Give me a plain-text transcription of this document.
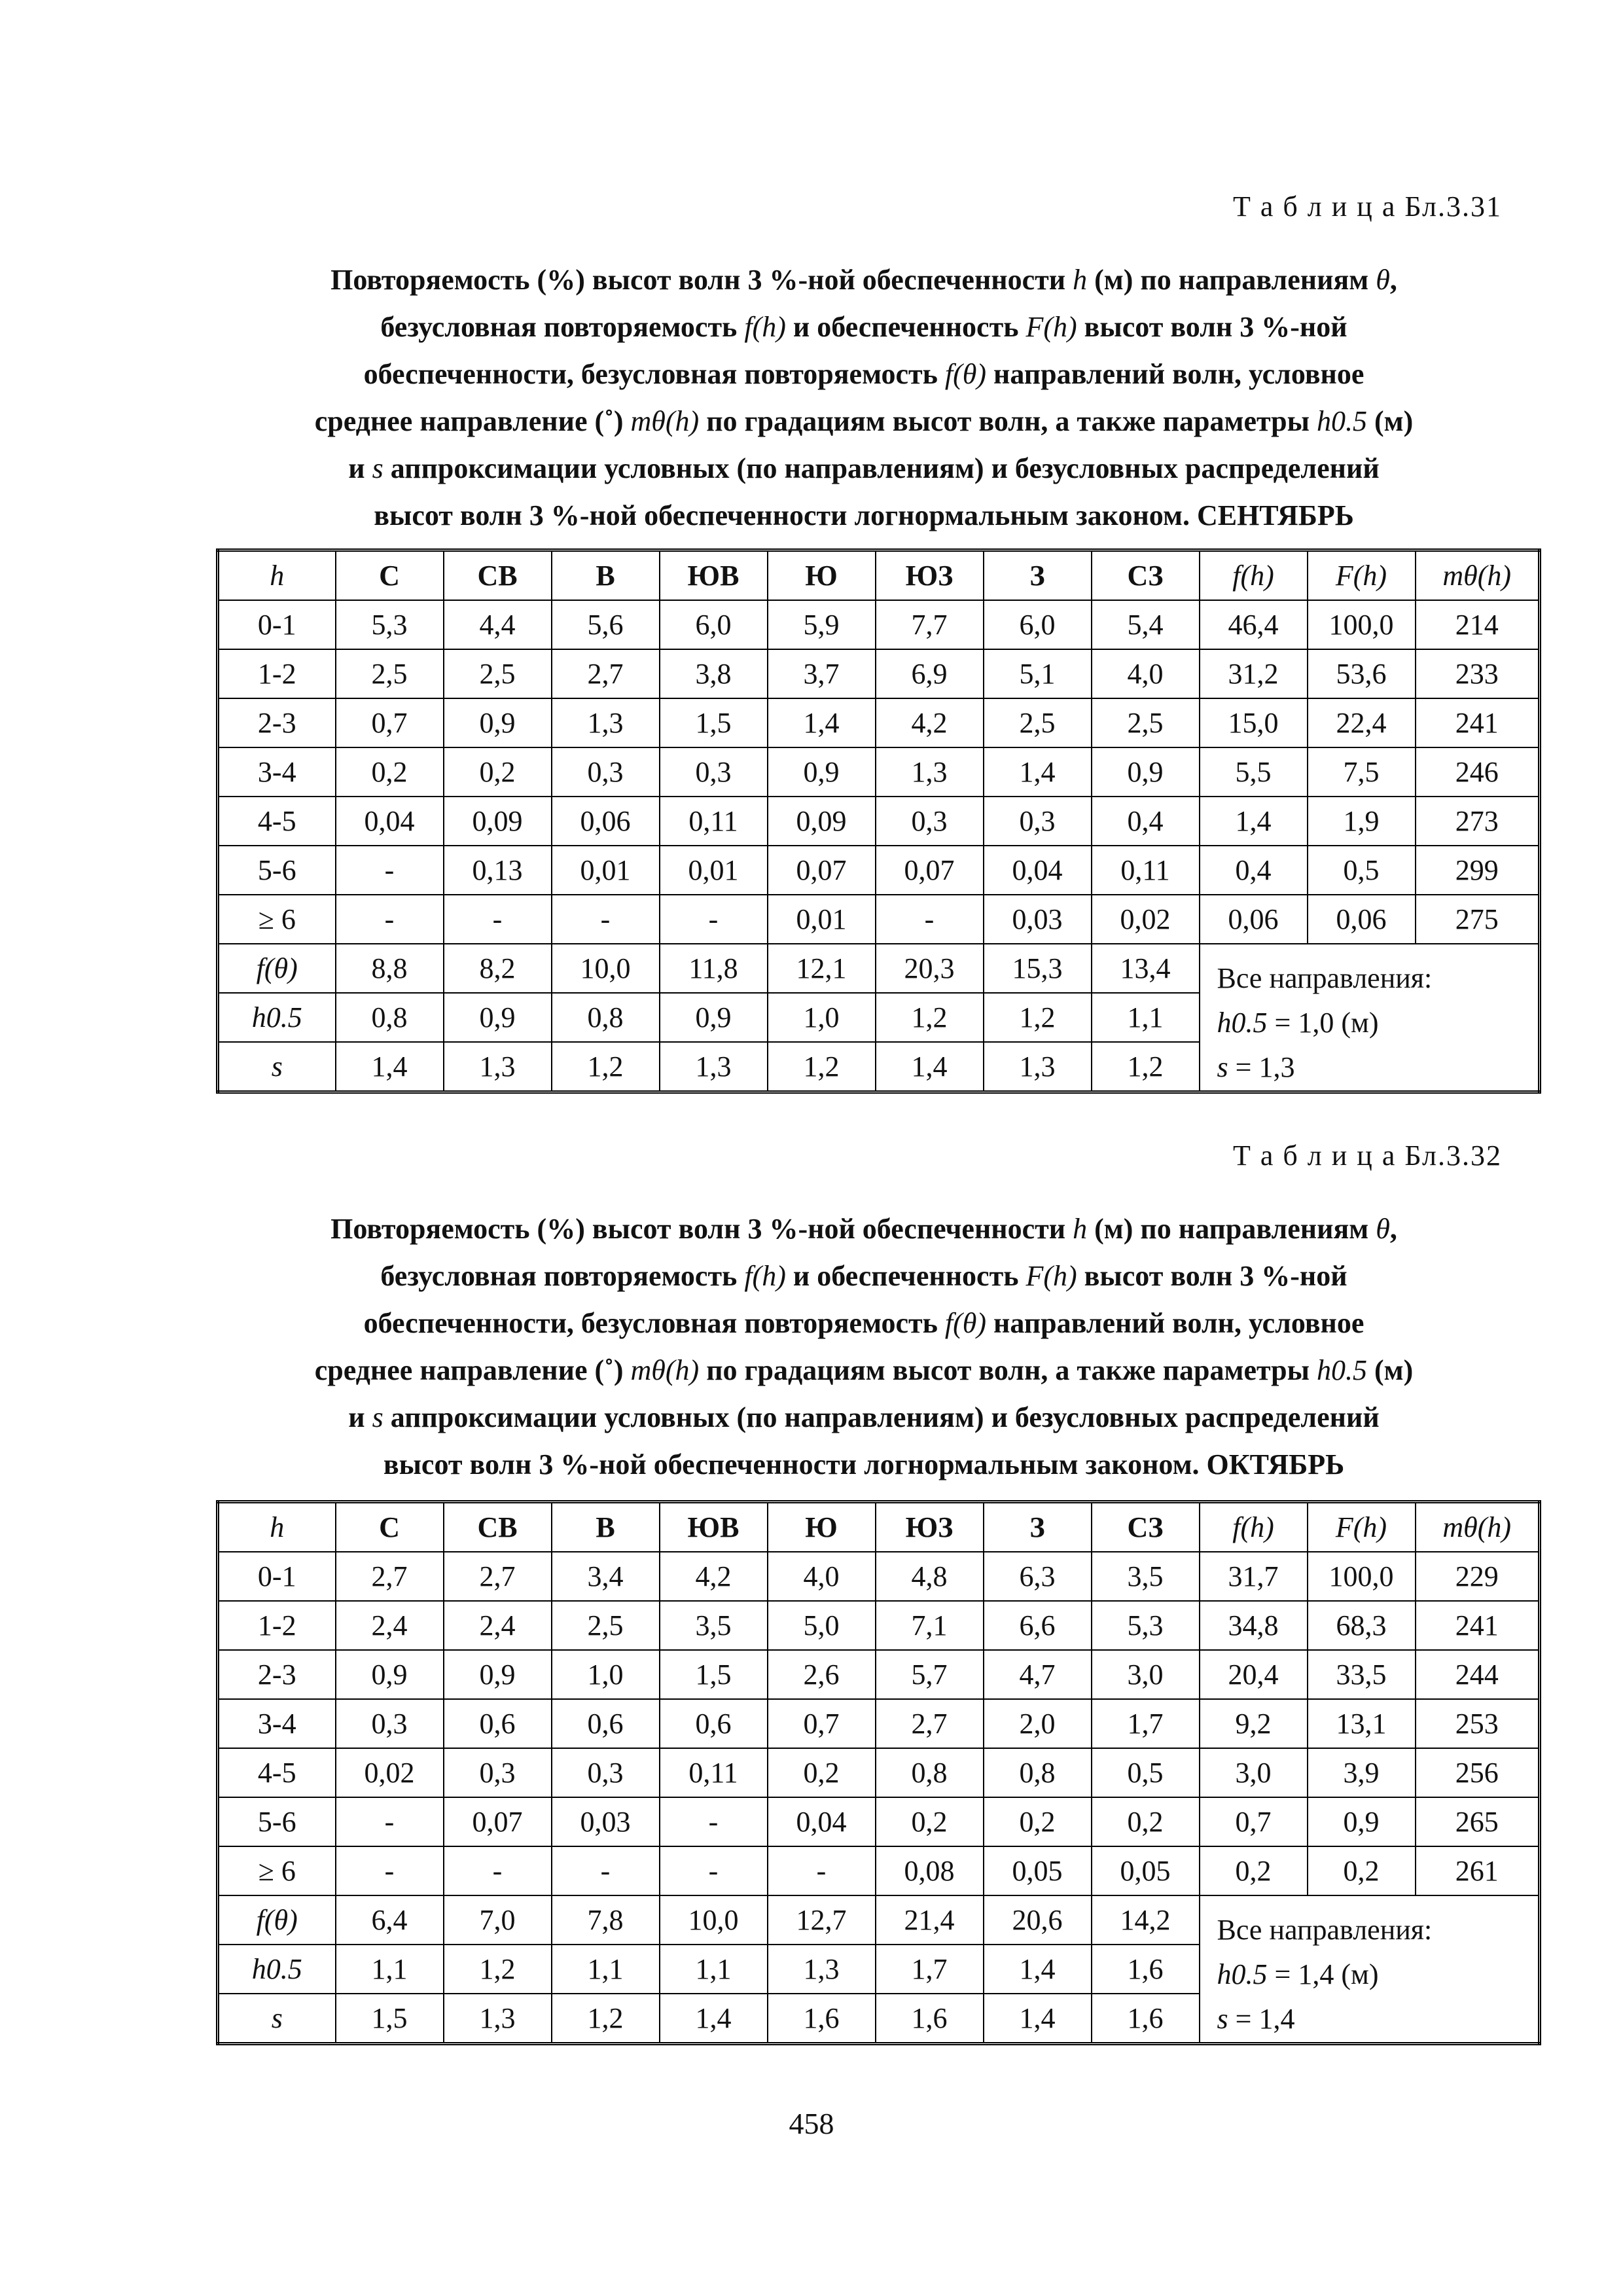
Т а б л и ц а Бл.3.31
Повторяемость (%) высот волн 3 %-ной обеспеченности h (м) по направлениям θ,
безусловная повторяемость f(h) и обеспеченность F(h) высот волн 3 %-ной
обеспеченности, безусловная повторяемость f(θ) направлений волн, условное
среднее направление (˚) mθ(h) по градациям высот волн, а также параметры h0.5 (м)
и s аппроксимации условных (по направлениям) и безусловных распределений
высот волн 3 %-ной обеспеченности логнормальным законом. СЕНТЯБРЬ
h	С	СВ	В	ЮВ	Ю	ЮЗ	З	СЗ	f(h)	F(h)	mθ(h)
0-1	5,3	4,4	5,6	6,0	5,9	7,7	6,0	5,4	46,4	100,0	214
1-2	2,5	2,5	2,7	3,8	3,7	6,9	5,1	4,0	31,2	53,6	233
2-3	0,7	0,9	1,3	1,5	1,4	4,2	2,5	2,5	15,0	22,4	241
3-4	0,2	0,2	0,3	0,3	0,9	1,3	1,4	0,9	5,5	7,5	246
4-5	0,04	0,09	0,06	0,11	0,09	0,3	0,3	0,4	1,4	1,9	273
5-6	-	0,13	0,01	0,01	0,07	0,07	0,04	0,11	0,4	0,5	299
≥ 6	-	-	-	-	0,01	-	0,03	0,02	0,06	0,06	275
f(θ)	8,8	8,2	10,0	11,8	12,1	20,3	15,3	13,4	Все направления:
h0.5 = 1,0 (м)
s = 1,3		

h0.5	0,8	0,9	0,8	0,9	1,0	1,2	1,2	1,1			
s	1,4	1,3	1,2	1,3	1,2	1,4	1,3	1,2			
Т а б л и ц а Бл.3.32
Повторяемость (%) высот волн 3 %-ной обеспеченности h (м) по направлениям θ,
безусловная повторяемость f(h) и обеспеченность F(h) высот волн 3 %-ной
обеспеченности, безусловная повторяемость f(θ) направлений волн, условное
среднее направление (˚) mθ(h) по градациям высот волн, а также параметры h0.5 (м)
и s аппроксимации условных (по направлениям) и безусловных распределений
высот волн 3 %-ной обеспеченности логнормальным законом. ОКТЯБРЬ
h	С	СВ	В	ЮВ	Ю	ЮЗ	З	СЗ	f(h)	F(h)	mθ(h)
0-1	2,7	2,7	3,4	4,2	4,0	4,8	6,3	3,5	31,7	100,0	229
1-2	2,4	2,4	2,5	3,5	5,0	7,1	6,6	5,3	34,8	68,3	241
2-3	0,9	0,9	1,0	1,5	2,6	5,7	4,7	3,0	20,4	33,5	244
3-4	0,3	0,6	0,6	0,6	0,7	2,7	2,0	1,7	9,2	13,1	253
4-5	0,02	0,3	0,3	0,11	0,2	0,8	0,8	0,5	3,0	3,9	256
5-6	-	0,07	0,03	-	0,04	0,2	0,2	0,2	0,7	0,9	265
≥ 6	-	-	-	-	-	0,08	0,05	0,05	0,2	0,2	261
f(θ)	6,4	7,0	7,8	10,0	12,7	21,4	20,6	14,2	Все направления:
h0.5 = 1,4 (м)
s = 1,4		

h0.5	1,1	1,2	1,1	1,1	1,3	1,7	1,4	1,6			
s	1,5	1,3	1,2	1,4	1,6	1,6	1,4	1,6			
458
